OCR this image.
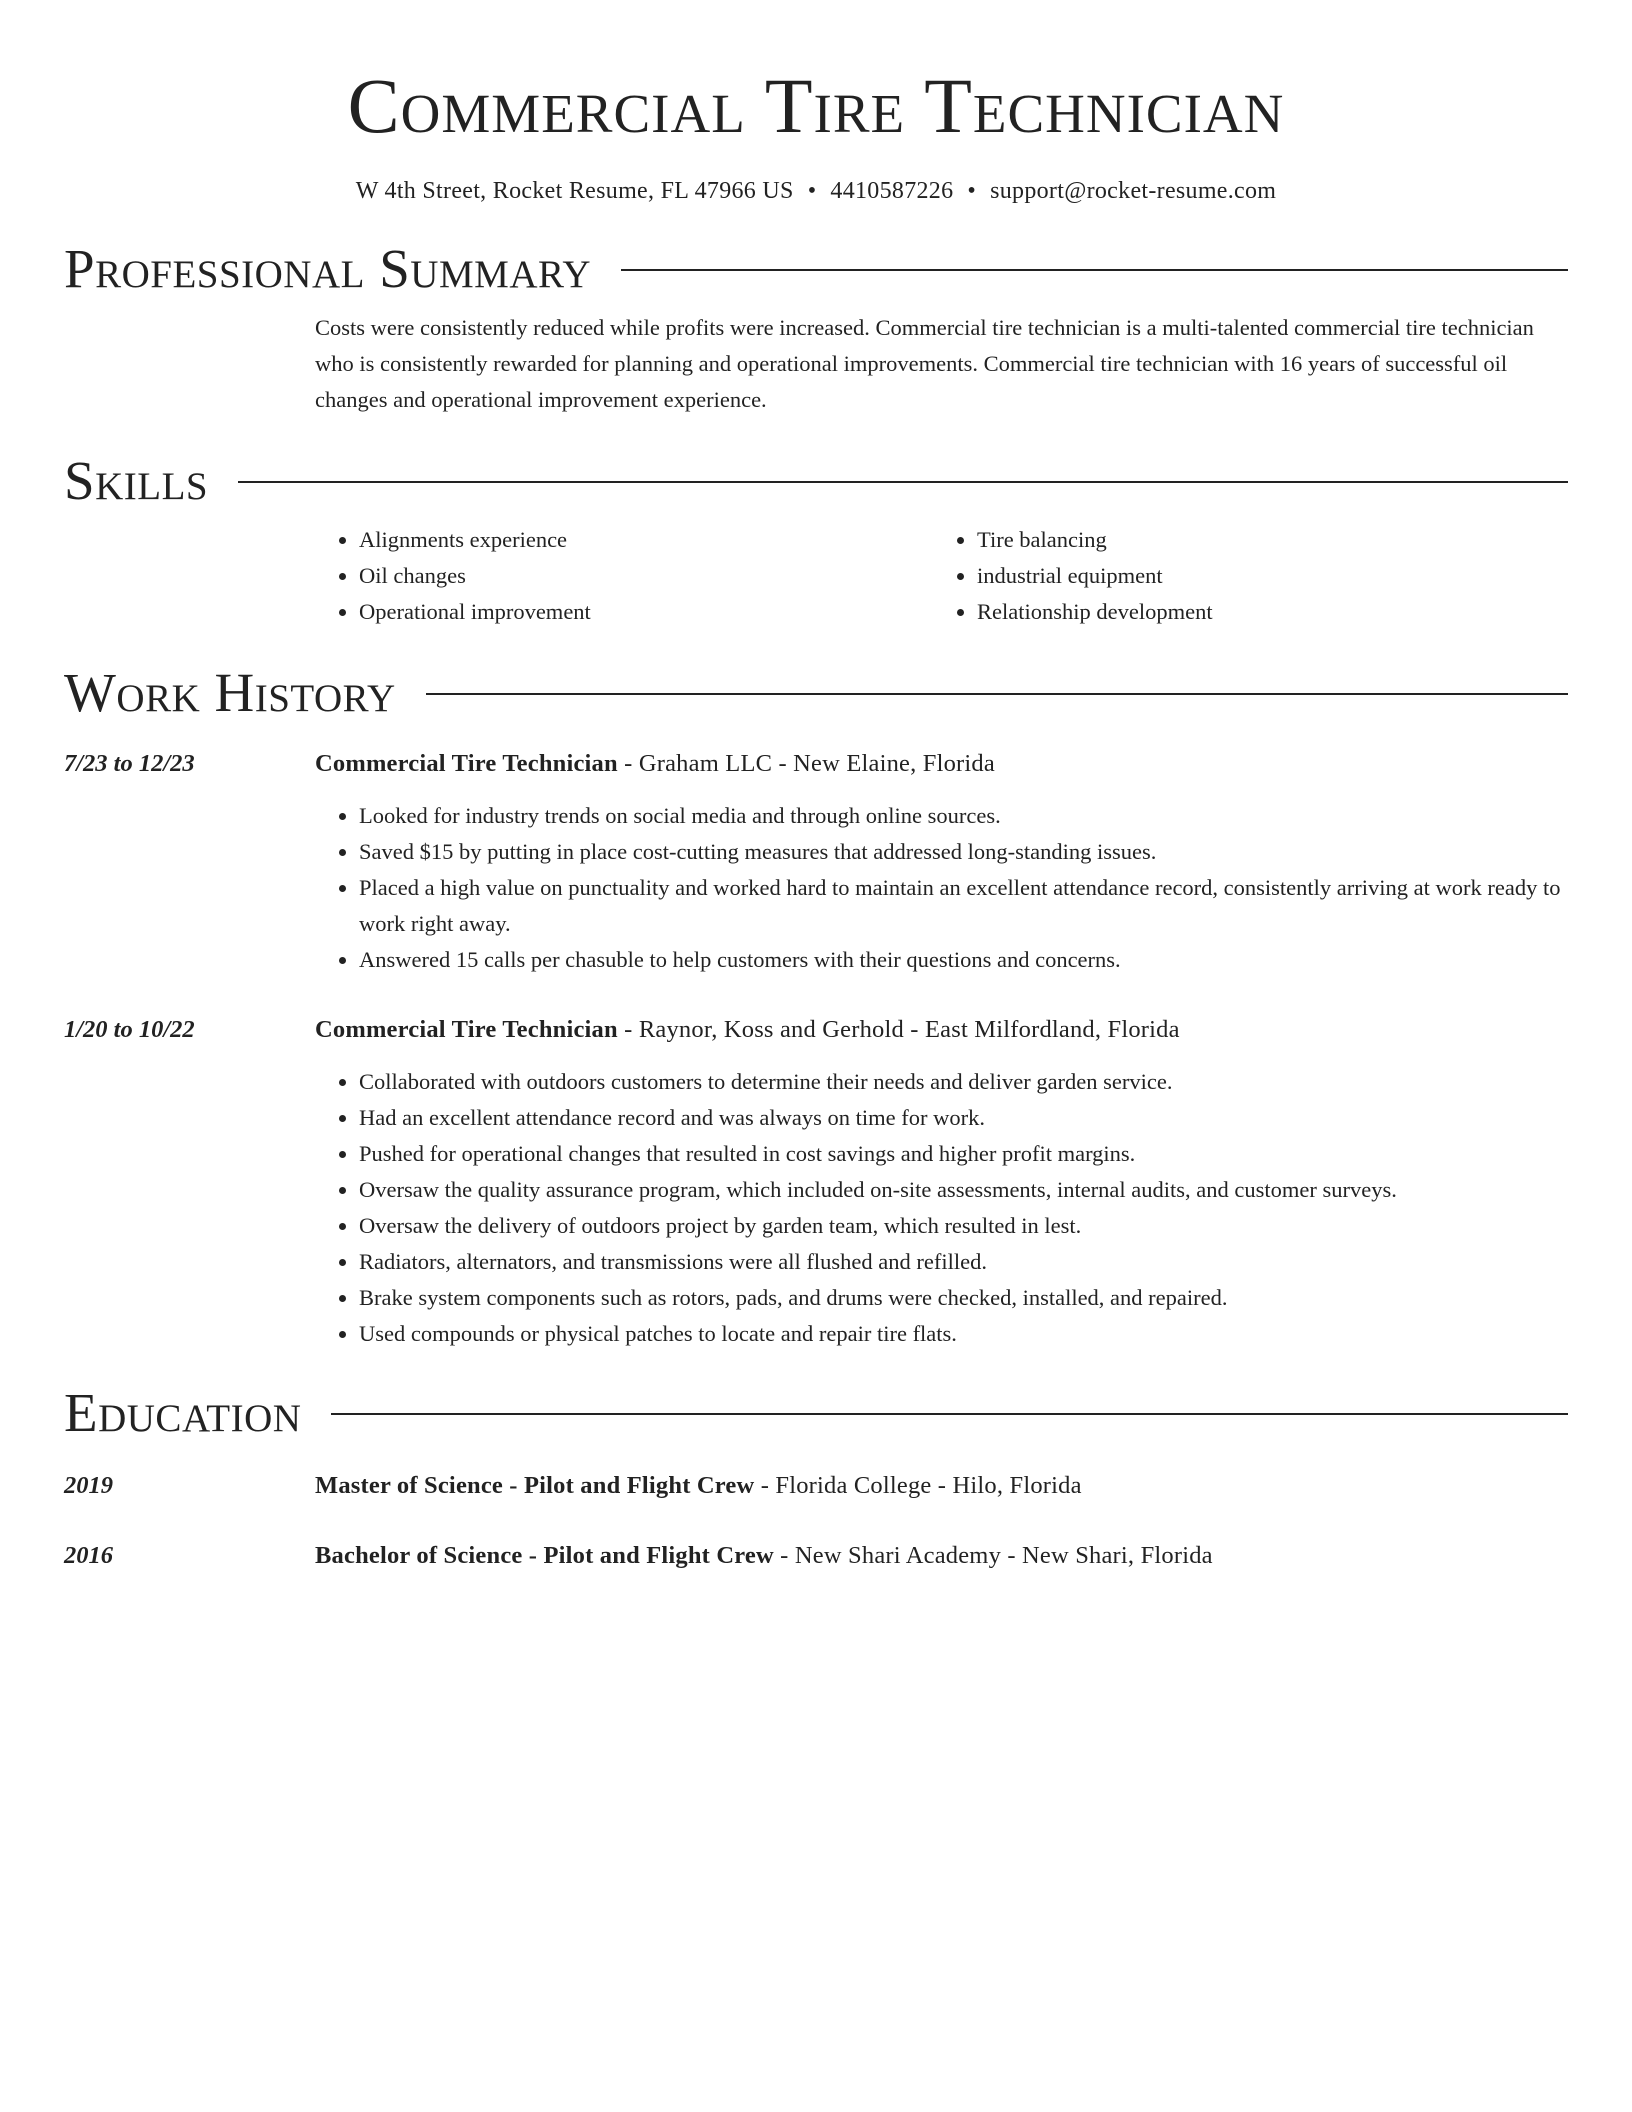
Commercial Tire Technician
W 4th Street, Rocket Resume, FL 47966 US • 4410587226 • support@rocket-resume.com
Professional Summary
Costs were consistently reduced while profits were increased. Commercial tire technician is a multi-talented commercial tire technician who is consistently rewarded for planning and operational improvements. Commercial tire technician with 16 years of successful oil changes and operational improvement experience.
Skills
• Alignments experience
• Oil changes
• Operational improvement
• Tire balancing
• industrial equipment
• Relationship development
Work History
7/23 to 12/23	Commercial Tire Technician - Graham LLC - New Elaine, Florida
• Looked for industry trends on social media and through online sources.
• Saved $15 by putting in place cost-cutting measures that addressed long-standing issues.
• Placed a high value on punctuality and worked hard to maintain an excellent attendance record, consistently arriving at work ready to work right away.
• Answered 15 calls per chasuble to help customers with their questions and concerns.
1/20 to 10/22	Commercial Tire Technician - Raynor, Koss and Gerhold - East Milfordland, Florida
• Collaborated with outdoors customers to determine their needs and deliver garden service.
• Had an excellent attendance record and was always on time for work.
• Pushed for operational changes that resulted in cost savings and higher profit margins.
• Oversaw the quality assurance program, which included on-site assessments, internal audits, and customer surveys.
• Oversaw the delivery of outdoors project by garden team, which resulted in lest.
• Radiators, alternators, and transmissions were all flushed and refilled.
• Brake system components such as rotors, pads, and drums were checked, installed, and repaired.
• Used compounds or physical patches to locate and repair tire flats.
Education
2019	Master of Science - Pilot and Flight Crew - Florida College - Hilo, Florida
2016	Bachelor of Science - Pilot and Flight Crew - New Shari Academy - New Shari, Florida
